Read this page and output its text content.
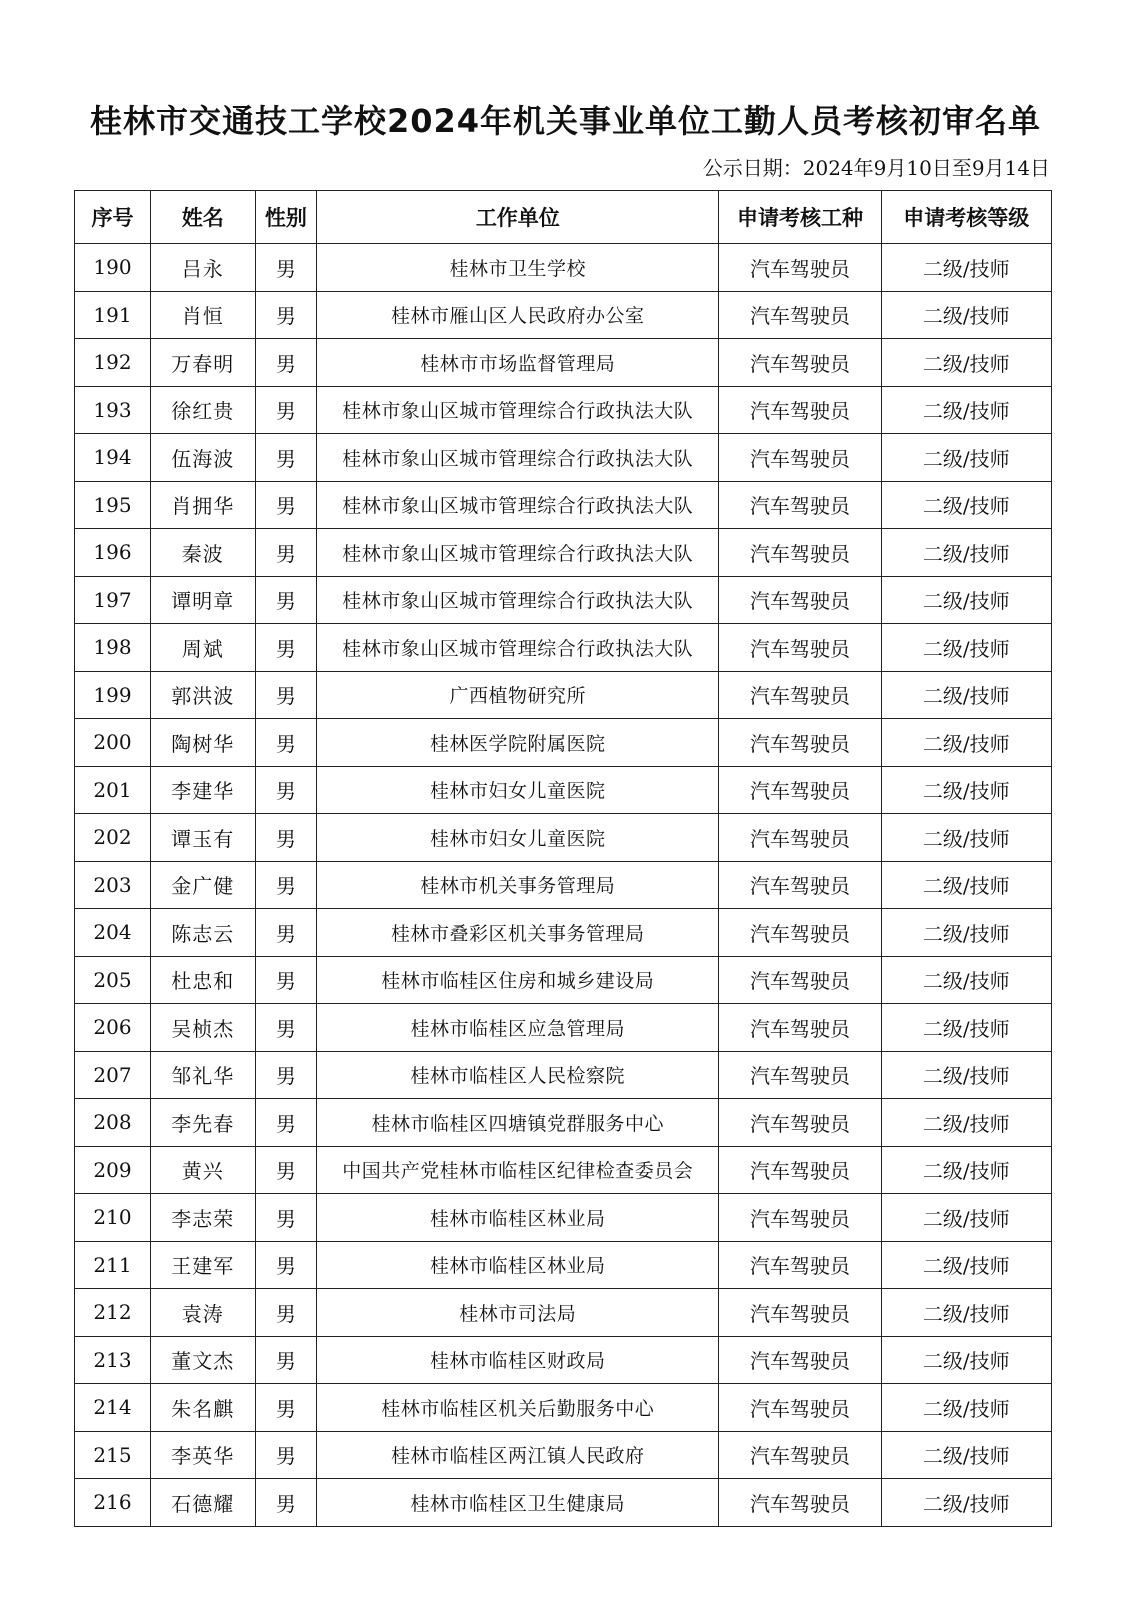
桂林市交通技工学校2024年机关事业单位工勤人员考核初审名单
公示日期：2024年9月10日至9月14日
序号	姓名	性别	工作单位	申请考核工种	申请考核等级
190	吕永	男	桂林市卫生学校	汽车驾驶员	二级/技师
191	肖恒	男	桂林市雁山区人民政府办公室	汽车驾驶员	二级/技师
192	万春明	男	桂林市市场监督管理局	汽车驾驶员	二级/技师
193	徐红贵	男	桂林市象山区城市管理综合行政执法大队	汽车驾驶员	二级/技师
194	伍海波	男	桂林市象山区城市管理综合行政执法大队	汽车驾驶员	二级/技师
195	肖拥华	男	桂林市象山区城市管理综合行政执法大队	汽车驾驶员	二级/技师
196	秦波	男	桂林市象山区城市管理综合行政执法大队	汽车驾驶员	二级/技师
197	谭明章	男	桂林市象山区城市管理综合行政执法大队	汽车驾驶员	二级/技师
198	周斌	男	桂林市象山区城市管理综合行政执法大队	汽车驾驶员	二级/技师
199	郭洪波	男	广西植物研究所	汽车驾驶员	二级/技师
200	陶树华	男	桂林医学院附属医院	汽车驾驶员	二级/技师
201	李建华	男	桂林市妇女儿童医院	汽车驾驶员	二级/技师
202	谭玉有	男	桂林市妇女儿童医院	汽车驾驶员	二级/技师
203	金广健	男	桂林市机关事务管理局	汽车驾驶员	二级/技师
204	陈志云	男	桂林市叠彩区机关事务管理局	汽车驾驶员	二级/技师
205	杜忠和	男	桂林市临桂区住房和城乡建设局	汽车驾驶员	二级/技师
206	吴桢杰	男	桂林市临桂区应急管理局	汽车驾驶员	二级/技师
207	邹礼华	男	桂林市临桂区人民检察院	汽车驾驶员	二级/技师
208	李先春	男	桂林市临桂区四塘镇党群服务中心	汽车驾驶员	二级/技师
209	黄兴	男	中国共产党桂林市临桂区纪律检查委员会	汽车驾驶员	二级/技师
210	李志荣	男	桂林市临桂区林业局	汽车驾驶员	二级/技师
211	王建军	男	桂林市临桂区林业局	汽车驾驶员	二级/技师
212	袁涛	男	桂林市司法局	汽车驾驶员	二级/技师
213	董文杰	男	桂林市临桂区财政局	汽车驾驶员	二级/技师
214	朱名麒	男	桂林市临桂区机关后勤服务中心	汽车驾驶员	二级/技师
215	李英华	男	桂林市临桂区两江镇人民政府	汽车驾驶员	二级/技师
216	石德耀	男	桂林市临桂区卫生健康局	汽车驾驶员	二级/技师
